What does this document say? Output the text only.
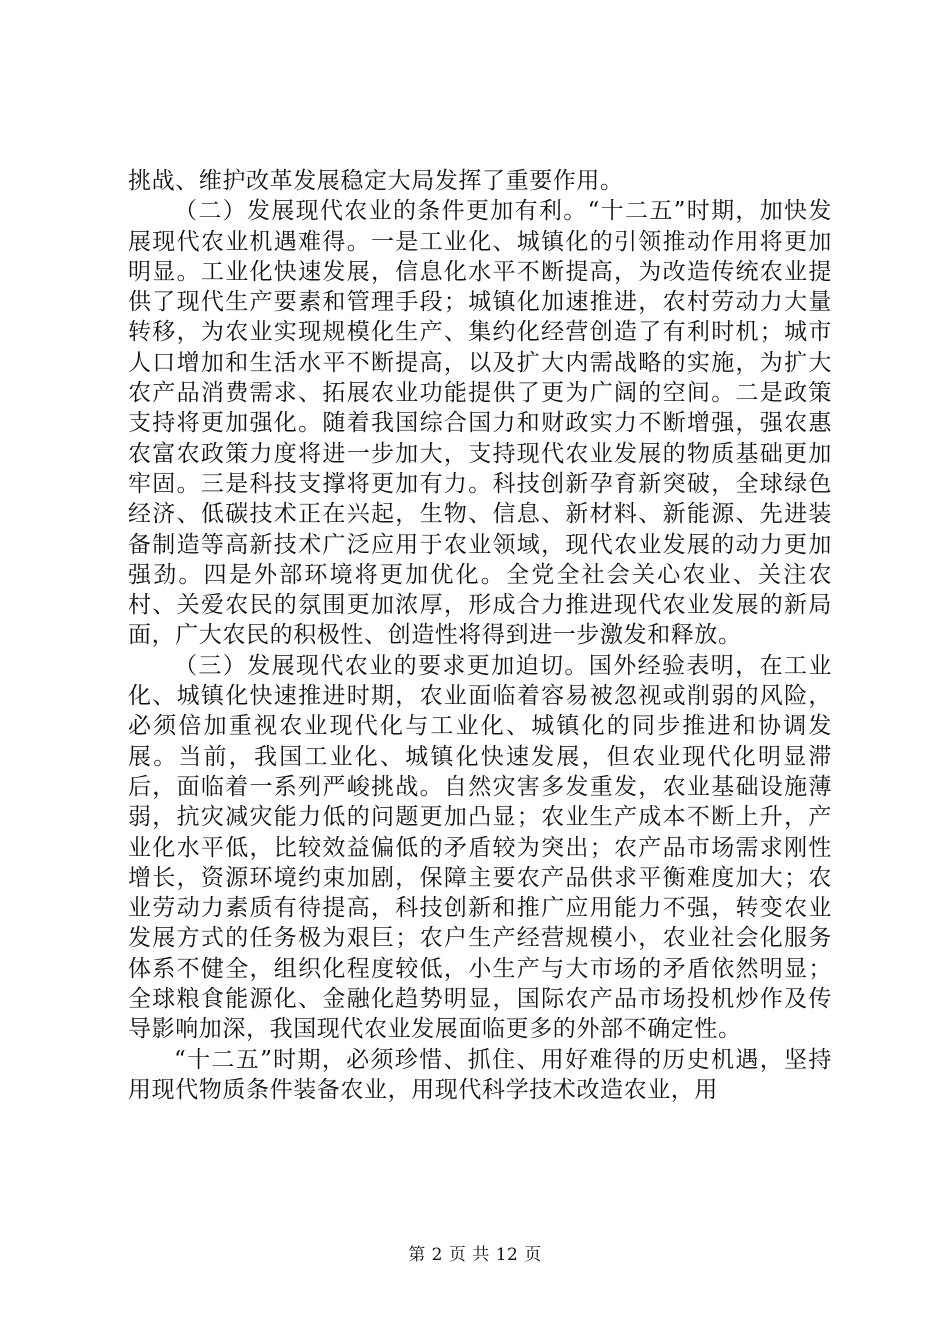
挑战、维护改革发展稳定大局发挥了重要作用。

（二）发展现代农业的条件更加有利。“十二五”时期，加快发展现代农业机遇难得。一是工业化、城镇化的引领推动作用将更加明显。工业化快速发展，信息化水平不断提高，为改造传统农业提供了现代生产要素和管理手段；城镇化加速推进，农村劳动力大量转移，为农业实现规模化生产、集约化经营创造了有利时机；城市人口增加和生活水平不断提高，以及扩大内需战略的实施，为扩大农产品消费需求、拓展农业功能提供了更为广阔的空间。二是政策支持将更加强化。随着我国综合国力和财政实力不断增强，强农惠农富农政策力度将进一步加大，支持现代农业发展的物质基础更加牢固。三是科技支撑将更加有力。科技创新孕育新突破，全球绿色经济、低碳技术正在兴起，生物、信息、新材料、新能源、先进装备制造等高新技术广泛应用于农业领域，现代农业发展的动力更加强劲。四是外部环境将更加优化。全党全社会关心农业、关注农村、关爱农民的氛围更加浓厚，形成合力推进现代农业发展的新局面，广大农民的积极性、创造性将得到进一步激发和释放。

（三）发展现代农业的要求更加迫切。国外经验表明，在工业化、城镇化快速推进时期，农业面临着容易被忽视或削弱的风险，必须倍加重视农业现代化与工业化、城镇化的同步推进和协调发展。当前，我国工业化、城镇化快速发展，但农业现代化明显滞后，面临着一系列严峻挑战。自然灾害多发重发，农业基础设施薄弱，抗灾减灾能力低的问题更加凸显；农业生产成本不断上升，产业化水平低，比较效益偏低的矛盾较为突出；农产品市场需求刚性增长，资源环境约束加剧，保障主要农产品供求平衡难度加大；农业劳动力素质有待提高，科技创新和推广应用能力不强，转变农业发展方式的任务极为艰巨；农户生产经营规模小，农业社会化服务体系不健全，组织化程度较低，小生产与大市场的矛盾依然明显；全球粮食能源化、金融化趋势明显，国际农产品市场投机炒作及传导影响加深，我国现代农业发展面临更多的外部不确定性。

“十二五”时期，必须珍惜、抓住、用好难得的历史机遇，坚持用现代物质条件装备农业，用现代科学技术改造农业，用

第 2 页 共 12 页
